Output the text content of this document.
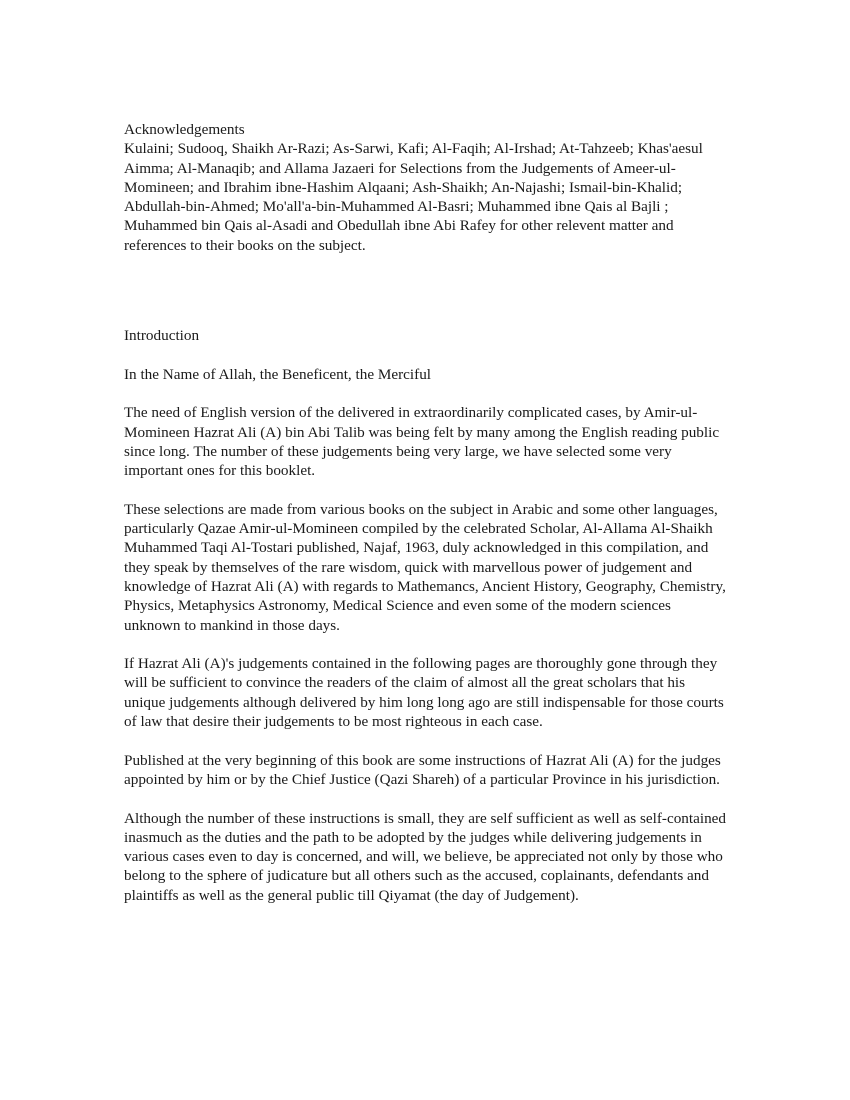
Acknowledgements

Kulaini; Sudooq, Shaikh Ar-Razi; As-Sarwi, Kafi; Al-Faqih; Al-Irshad; At-Tahzeeb; Khas'aesul Aimma; Al-Manaqib; and Allama Jazaeri for Selections from the Judgements of Ameer-ul-Momineen; and Ibrahim ibne-Hashim Alqaani; Ash-Shaikh; An-Najashi; Ismail-bin-Khalid; Abdullah-bin-Ahmed; Mo'all'a-bin-Muhammed Al-Basri; Muhammed ibne Qais al Bajli ; Muhammed bin Qais al-Asadi and Obedullah ibne Abi Rafey for other relevent matter and references to their books on the subject.

Introduction

In the Name of Allah, the Beneficent, the Merciful

The need of English version of the delivered in extraordinarily complicated cases, by Amir-ul-Momineen Hazrat Ali (A) bin Abi Talib was being felt by many among the English reading public since long. The number of these judgements being very large, we have selected some very important ones for this booklet.

These selections are made from various books on the subject in Arabic and some other languages, particularly Qazae Amir-ul-Momineen compiled by the celebrated Scholar, Al-Allama Al-Shaikh Muhammed Taqi Al-Tostari published, Najaf, 1963, duly acknowledged in this compilation, and they speak by themselves of the rare wisdom, quick with marvellous power of judgement and knowledge of Hazrat Ali (A) with regards to Mathemancs, Ancient History, Geography, Chemistry, Physics, Metaphysics Astronomy, Medical Science and even some of the modern sciences unknown to mankind in those days.

If Hazrat Ali (A)'s judgements contained in the following pages are thoroughly gone through they will be sufficient to convince the readers of the claim of almost all the great scholars that his unique judgements although delivered by him long long ago are still indispensable for those courts of law that desire their judgements to be most righteous in each case.

Published at the very beginning of this book are some instructions of Hazrat Ali (A) for the judges appointed by him or by the Chief Justice (Qazi Shareh) of a particular Province in his jurisdiction.

Although the number of these instructions is small, they are self sufficient as well as self-contained inasmuch as the duties and the path to be adopted by the judges while delivering judgements in various cases even to day is concerned, and will, we believe, be appreciated not only by those who belong to the sphere of judicature but all others such as the accused, coplainants, defendants and plaintiffs as well as the general public till Qiyamat (the day of Judgement).
